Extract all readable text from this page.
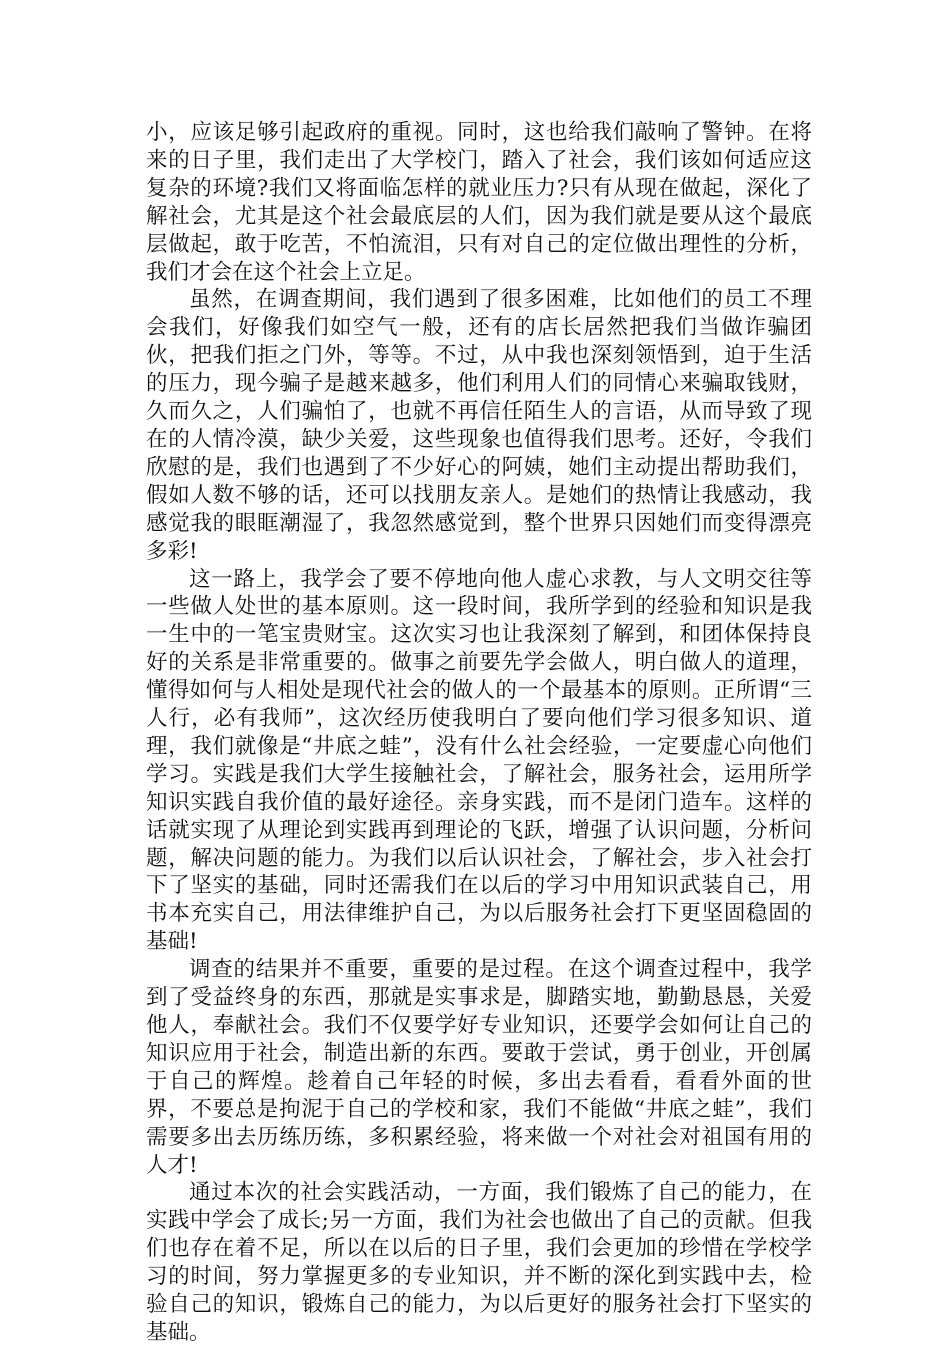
小，应该足够引起政府的重视。同时，这也给我们敲响了警钟。在将来的日子里，我们走出了大学校门，踏入了社会，我们该如何适应这复杂的环境?我们又将面临怎样的就业压力?只有从现在做起，深化了解社会，尤其是这个社会最底层的人们，因为我们就是要从这个最底层做起，敢于吃苦，不怕流泪，只有对自己的定位做出理性的分析，我们才会在这个社会上立足。

虽然，在调查期间，我们遇到了很多困难，比如他们的员工不理会我们，好像我们如空气一般，还有的店长居然把我们当做诈骗团伙，把我们拒之门外，等等。不过，从中我也深刻领悟到，迫于生活的压力，现今骗子是越来越多，他们利用人们的同情心来骗取钱财，久而久之，人们骗怕了，也就不再信任陌生人的言语，从而导致了现在的人情冷漠，缺少关爱，这些现象也值得我们思考。还好，令我们欣慰的是，我们也遇到了不少好心的阿姨，她们主动提出帮助我们，假如人数不够的话，还可以找朋友亲人。是她们的热情让我感动，我感觉我的眼眶潮湿了，我忽然感觉到，整个世界只因她们而变得漂亮多彩!

这一路上，我学会了要不停地向他人虚心求教，与人文明交往等一些做人处世的基本原则。这一段时间，我所学到的经验和知识是我一生中的一笔宝贵财宝。这次实习也让我深刻了解到，和团体保持良好的关系是非常重要的。做事之前要先学会做人，明白做人的道理，懂得如何与人相处是现代社会的做人的一个最基本的原则。正所谓“三人行，必有我师”，这次经历使我明白了要向他们学习很多知识、道理，我们就像是“井底之蛙”，没有什么社会经验，一定要虚心向他们学习。实践是我们大学生接触社会，了解社会，服务社会，运用所学知识实践自我价值的最好途径。亲身实践，而不是闭门造车。这样的话就实现了从理论到实践再到理论的飞跃，增强了认识问题，分析问题，解决问题的能力。为我们以后认识社会，了解社会，步入社会打下了坚实的基础，同时还需我们在以后的学习中用知识武装自己，用书本充实自己，用法律维护自己，为以后服务社会打下更坚固稳固的基础!

调查的结果并不重要，重要的是过程。在这个调查过程中，我学到了受益终身的东西，那就是实事求是，脚踏实地，勤勤恳恳，关爱他人，奉献社会。我们不仅要学好专业知识，还要学会如何让自己的知识应用于社会，制造出新的东西。要敢于尝试，勇于创业，开创属于自己的辉煌。趁着自己年轻的时候，多出去看看，看看外面的世界，不要总是拘泥于自己的学校和家，我们不能做“井底之蛙”，我们需要多出去历练历练，多积累经验，将来做一个对社会对祖国有用的人才!

通过本次的社会实践活动，一方面，我们锻炼了自己的能力，在实践中学会了成长;另一方面，我们为社会也做出了自己的贡献。但我们也存在着不足，所以在以后的日子里，我们会更加的珍惜在学校学习的时间，努力掌握更多的专业知识，并不断的深化到实践中去，检验自己的知识，锻炼自己的能力，为以后更好的服务社会打下坚实的基础。
